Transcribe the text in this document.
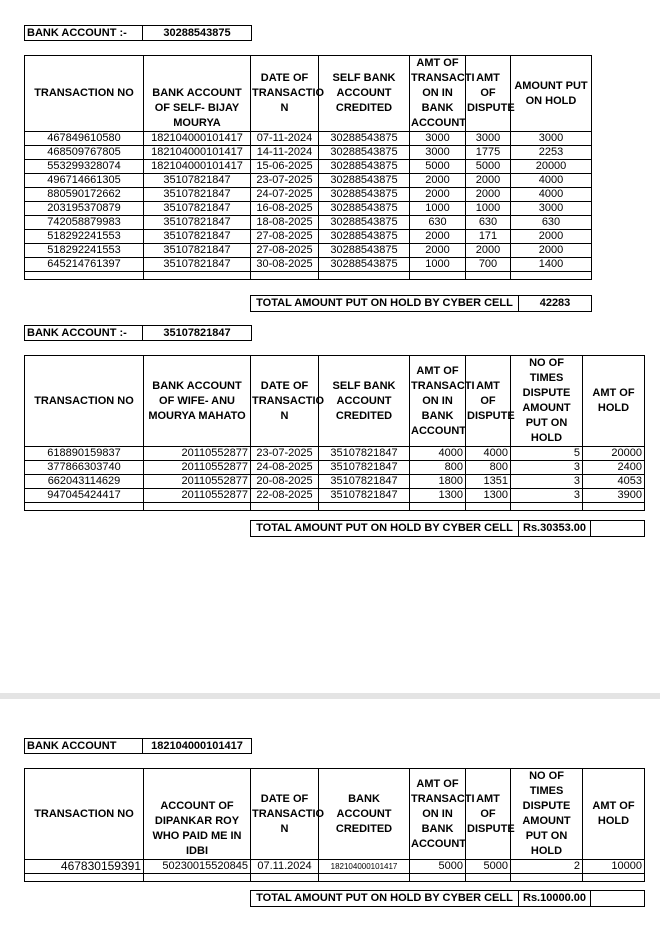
BANK ACCOUNT :-	30288543875
TRANSACTION NO	BANK ACCOUNT OF SELF- BIJAY MOURYA	DATE OF TRANSACTIO N	SELF BANK ACCOUNT CREDITED	AMT OF TRANSACTI ON IN BANK ACCOUNT	AMT OF DISPUTE	AMOUNT PUT ON HOLD
467849610580	182104000101417	07-11-2024	30288543875	3000	3000	3000
468509767805	182104000101417	14-11-2024	30288543875	3000	1775	2253
553299328074	182104000101417	15-06-2025	30288543875	5000	5000	20000
496714661305	35107821847	23-07-2025	30288543875	2000	2000	4000
880590172662	35107821847	24-07-2025	30288543875	2000	2000	4000
203195370879	35107821847	16-08-2025	30288543875	1000	1000	3000
742058879983	35107821847	18-08-2025	30288543875	630	630	630
518292241553	35107821847	27-08-2025	30288543875	2000	171	2000
518292241553	35107821847	27-08-2025	30288543875	2000	2000	2000
645214761397	35107821847	30-08-2025	30288543875	1000	700	1400

TOTAL AMOUNT PUT ON HOLD BY CYBER CELL	42283
BANK ACCOUNT :-	35107821847
TRANSACTION NO	BANK ACCOUNT OF WIFE- ANU MOURYA MAHATO	DATE OF TRANSACTIO N	SELF BANK ACCOUNT CREDITED	AMT OF TRANSACTI ON IN BANK ACCOUNT	AMT OF DISPUTE	NO OF TIMES DISPUTE AMOUNT PUT ON HOLD	AMT OF HOLD
618890159837	20110552877	23-07-2025	35107821847	4000	4000	5	20000
377866303740	20110552877	24-08-2025	35107821847	800	800	3	2400
662043114629	20110552877	20-08-2025	35107821847	1800	1351	3	4053
947045424417	20110552877	22-08-2025	35107821847	1300	1300	3	3900

TOTAL AMOUNT PUT ON HOLD BY CYBER CELL	Rs.30353.00	
BANK ACCOUNT	182104000101417
TRANSACTION NO	ACCOUNT OF DIPANKAR ROY WHO PAID ME IN IDBI	DATE OF TRANSACTIO N	BANK ACCOUNT CREDITED	AMT OF TRANSACTI ON IN BANK ACCOUNT	AMT OF DISPUTE	NO OF TIMES DISPUTE AMOUNT PUT ON HOLD	AMT OF HOLD
467830159391	50230015520845	07.11.2024	182104000101417	5000	5000	2	10000

TOTAL AMOUNT PUT ON HOLD BY CYBER CELL	Rs.10000.00	
